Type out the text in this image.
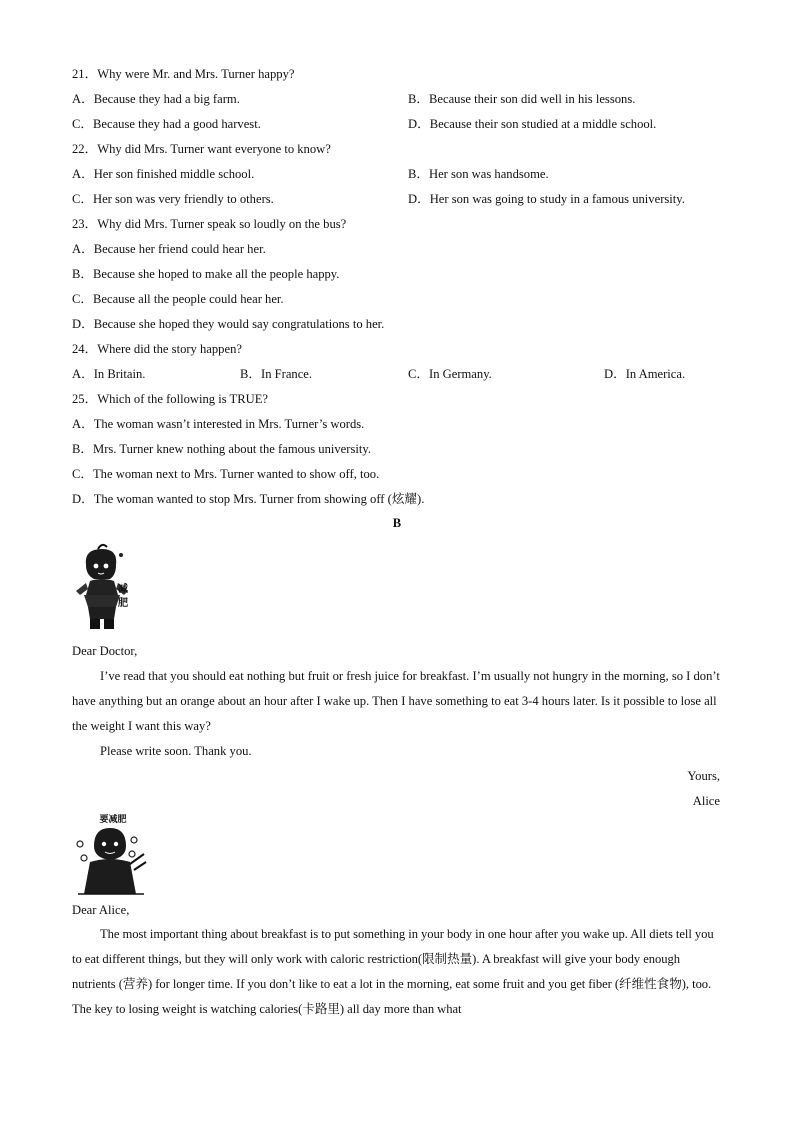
21．Why were Mr. and Mrs. Turner happy?
A．Because they had a big farm.	B．Because their son did well in his lessons.
C．Because they had a good harvest.	D．Because their son studied at a middle school.
22．Why did Mrs. Turner want everyone to know?
A．Her son finished middle school.	B．Her son was handsome.
C．Her son was very friendly to others.	D．Her son was going to study in a famous university.
23．Why did Mrs. Turner speak so loudly on the bus?
A．Because her friend could hear her.
B．Because she hoped to make all the people happy.
C．Because all the people could hear her.
D．Because she hoped they would say congratulations to her.
24．Where did the story happen?
A．In Britain.	B．In France.	C．In Germany.	D．In America.
25．Which of the following is TRUE?
A．The woman wasn’t interested in Mrs. Turner’s words.
B．Mrs. Turner knew nothing about the famous university.
C．The woman next to Mrs. Turner wanted to show off, too.
D．The woman wanted to stop Mrs. Turner from showing off (炫耀).
B
减肥
Dear Doctor,
I’ve read that you should eat nothing but fruit or fresh juice for breakfast. I’m usually not hungry in the morning, so I don’t have anything but an orange about an hour after I wake up. Then I have something to eat 3-4 hours later. Is it possible to lose all the weight I want this way?
Please write soon. Thank you.
Yours,
Alice
要减肥
Dear Alice,
The most important thing about breakfast is to put something in your body in one hour after you wake up. All diets tell you to eat different things, but they will only work with caloric restriction(限制热量). A breakfast will give your body enough nutrients (营养) for longer time. If you don’t like to eat a lot in the morning, eat some fruit and you get fiber (纤维性食物), too. The key to losing weight is watching calories(卡路里) all day more than what
